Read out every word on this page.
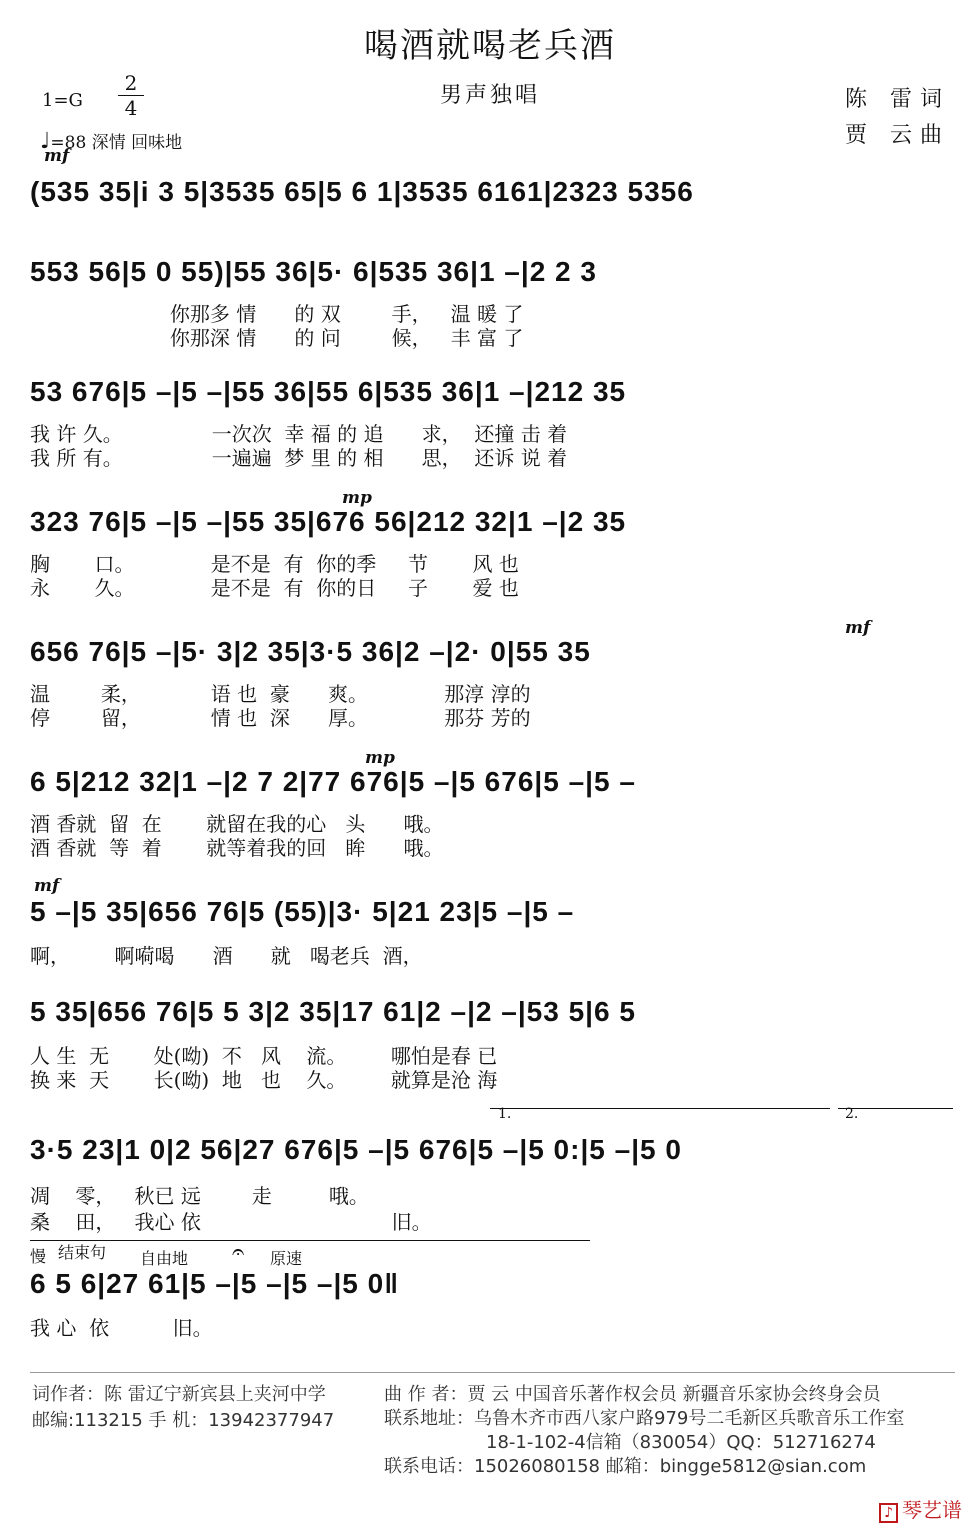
喝酒就喝老兵酒
男声独唱
1=G
2
4
♩=88 深情 回味地
陈 雷词
贾 云曲
mf
(535 35|i 3 5|3535 65|5 6 1|3535 6161|2323 5356
553 56|5 0 55)|55 36|5· 6|535 36|1 –|2 2 3
你那多 情      的 双        手，   温 暖 了
你那深 情      的 问        候，   丰 富 了
53 676|5 –|5 –|55 36|55 6|535 36|1 –|212 35
我 许 久。              一次次  幸 福 的 追      求，  还撞 击 着
我 所 有。              一遍遍  梦 里 的 相      思，  还诉 说 着
mp
323 76|5 –|5 –|55 35|676 56|212 32|1 –|2 35
胸       口。            是不是  有  你的季     节       风 也
永       久。            是不是  有  你的日     子       爱 也
mf
656 76|5 –|5· 3|2 35|3·5 36|2 –|2· 0|55 35
温        柔，           语 也  豪      爽。            那淳 淳的
停        留，           情 也  深      厚。            那芬 芳的
mp
6 5|212 32|1 –|2 7 2|77 676|5 –|5 676|5 –|5 –
酒 香就  留  在       就留在我的心   头      哦。
酒 香就  等  着       就等着我的回   眸      哦。
mf
5 –|5 35|656 76|5 (55)|3· 5|21 23|5 –|5 –
啊，       啊嗬喝      酒      就   喝老兵  酒，
5 35|656 76|5 5 3|2 35|17 61|2 –|2 –|53 5|6 5
人 生  无       处(呦)  不   风    流。       哪怕是春 已
换 来  天       长(呦)  地   也    久。       就算是沧 海
1.	2.
3·5 23|1 0|2 56|27 676|5 –|5 676|5 –|5 0:|5 –|5 0
凋    零，   秋已 远        走         哦。
桑    田，   我心 依                              旧。
慢 结束句 自由地 𝄐 原速
6 5 6|27 61|5 –|5 –|5 –|5 0‖
我 心  依          旧。
词作者：陈 雷辽宁新宾县上夹河中学
邮编:113215 手 机：13942377947
曲 作 者：贾 云 中国音乐著作权会员 新疆音乐家协会终身会员
联系地址：乌鲁木齐市西八家户路979号二毛新区兵歌音乐工作室
18-1-102-4信箱（830054）QQ：512716274
联系电话：15026080158 邮箱：bingge5812@sian.com
♪ 琴艺谱
